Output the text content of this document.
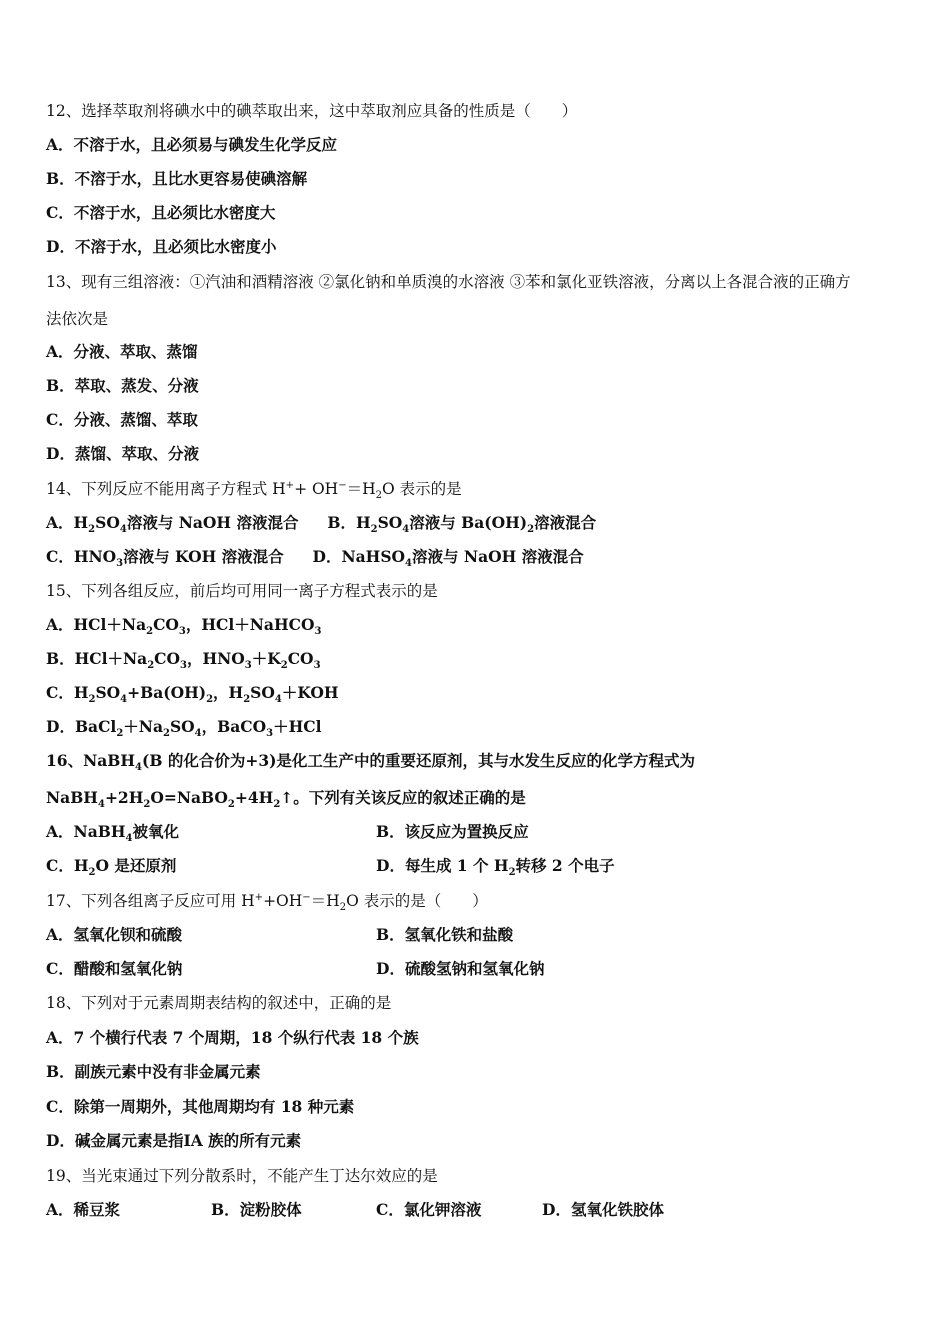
12、选择萃取剂将碘水中的碘萃取出来，这中萃取剂应具备的性质是（　　）
A．不溶于水，且必须易与碘发生化学反应
B．不溶于水，且比水更容易使碘溶解
C．不溶于水，且必须比水密度大
D．不溶于水，且必须比水密度小
13、现有三组溶液：①汽油和酒精溶液 ②氯化钠和单质溴的水溶液 ③苯和氯化亚铁溶液，分离以上各混合液的正确方
法依次是
A．分液、萃取、蒸馏
B．萃取、蒸发、分液
C．分液、蒸馏、萃取
D．蒸馏、萃取、分液
14、下列反应不能用离子方程式 $H^++ OH^-=H_2O$ 表示的是
A．$H_2SO_4$溶液与 NaOH 溶液混合　 B．$H_2SO_4$溶液与 $Ba(OH)_2$溶液混合
C．$HNO_3$溶液与 KOH 溶液混合　 D．NaHSO$_4$溶液与 NaOH 溶液混合
15、下列各组反应，前后均可用同一离子方程式表示的是
A．$HCl+Na_2CO_3$，HCl＋NaHCO$_3$
B．$HCl+Na_2CO_3$，$HNO_3+K_2CO_3$
C．$H_2SO_4+Ba(OH)_2$，$H_2SO_4+KOH$
D．$BaCl_2+Na_2SO_4$，BaCO$_3$＋HCl
16、NaBH$_4$(B 的化合价为+3)是化工生产中的重要还原剂，其与水发生反应的化学方程式为
$NaBH_4+2H_2O=NaBO_2+4H_2↑$。下列有关该反应的叙述正确的是
A．NaBH$_4$被氧化	B．该反应为置换反应
C．$H_2O$ 是还原剂	D．每生成 1 个 $H_2$转移 2 个电子
17、下列各组离子反应可用 $H^++OH^-=H_2O$ 表示的是（　　）
A．氢氧化钡和硫酸	B．氢氧化铁和盐酸
C．醋酸和氢氧化钠	D．硫酸氢钠和氢氧化钠
18、下列对于元素周期表结构的叙述中，正确的是
A．7 个横行代表 7 个周期，18 个纵行代表 18 个族
B．副族元素中没有非金属元素
C．除第一周期外，其他周期均有 18 种元素
D．碱金属元素是指ⅠA 族的所有元素
19、当光束通过下列分散系时，不能产生丁达尔效应的是
A．稀豆浆	B．淀粉胶体	C．氯化钾溶液	D．氢氧化铁胶体
